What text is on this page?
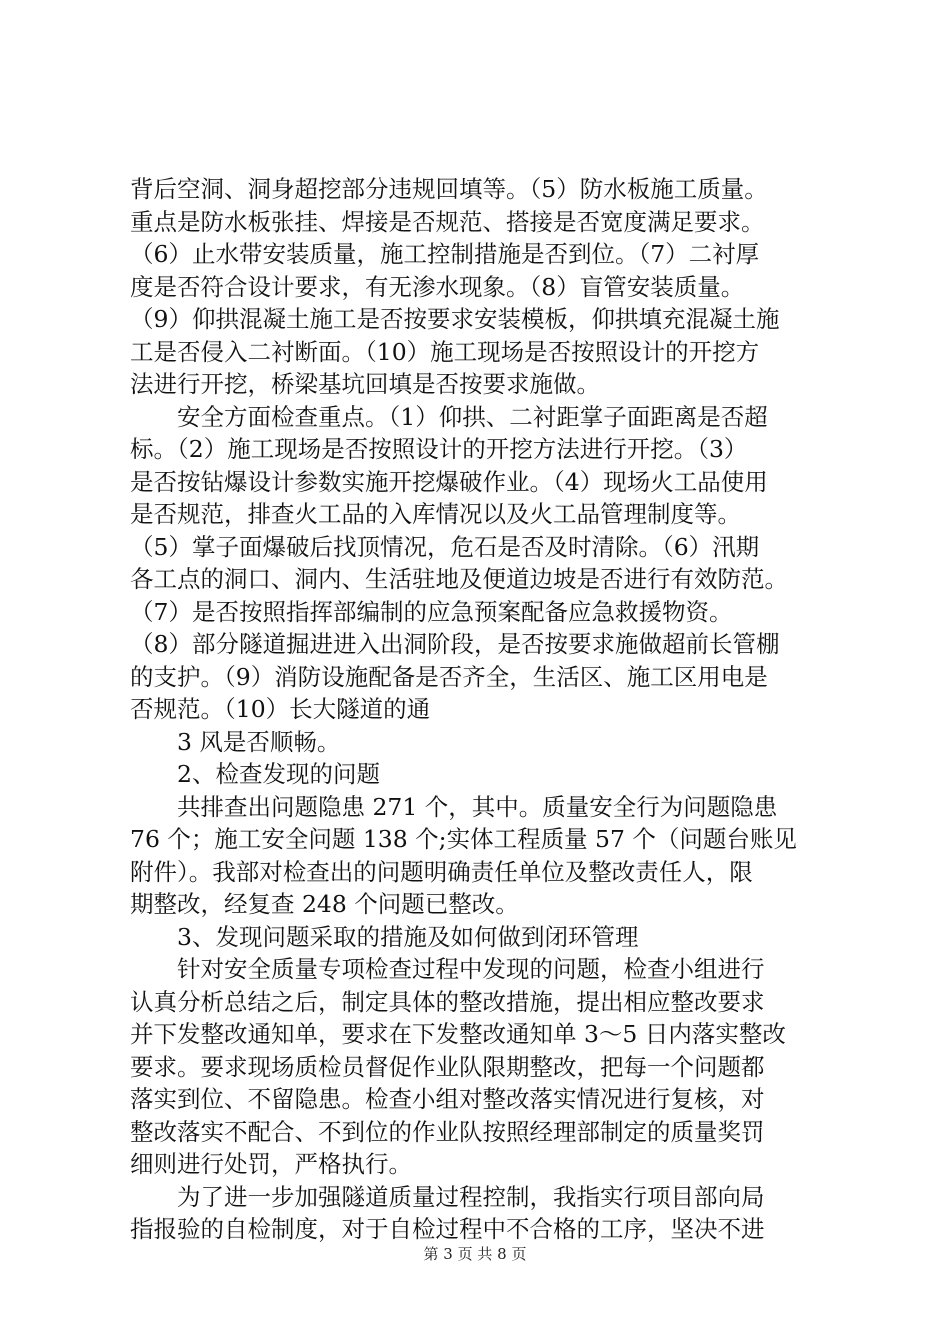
背后空洞、洞身超挖部分违规回填等。（5）防水板施工质量。
重点是防水板张挂、焊接是否规范、搭接是否宽度满足要求。
（6）止水带安装质量，施工控制措施是否到位。（7）二衬厚
度是否符合设计要求，有无渗水现象。（8）盲管安装质量。
（9）仰拱混凝土施工是否按要求安装模板，仰拱填充混凝土施
工是否侵入二衬断面。（10）施工现场是否按照设计的开挖方
法进行开挖，桥梁基坑回填是否按要求施做。
安全方面检查重点。（1）仰拱、二衬距掌子面距离是否超
标。（2）施工现场是否按照设计的开挖方法进行开挖。（3）
是否按钻爆设计参数实施开挖爆破作业。（4）现场火工品使用
是否规范，排查火工品的入库情况以及火工品管理制度等。
（5）掌子面爆破后找顶情况，危石是否及时清除。（6）汛期
各工点的洞口、洞内、生活驻地及便道边坡是否进行有效防范。
（7）是否按照指挥部编制的应急预案配备应急救援物资。
（8）部分隧道掘进进入出洞阶段，是否按要求施做超前长管棚
的支护。（9）消防设施配备是否齐全，生活区、施工区用电是
否规范。（10）长大隧道的通
3 风是否顺畅。
2、检查发现的问题
共排查出问题隐患 271 个，其中。质量安全行为问题隐患
76 个；施工安全问题 138 个;实体工程质量 57 个（问题台账见
附件）。我部对检查出的问题明确责任单位及整改责任人，限
期整改，经复查 248 个问题已整改。
3、发现问题采取的措施及如何做到闭环管理
针对安全质量专项检查过程中发现的问题，检查小组进行
认真分析总结之后，制定具体的整改措施，提出相应整改要求
并下发整改通知单，要求在下发整改通知单 3～5 日内落实整改
要求。要求现场质检员督促作业队限期整改，把每一个问题都
落实到位、不留隐患。检查小组对整改落实情况进行复核，对
整改落实不配合、不到位的作业队按照经理部制定的质量奖罚
细则进行处罚，严格执行。
为了进一步加强隧道质量过程控制，我指实行项目部向局
指报验的自检制度，对于自检过程中不合格的工序，坚决不进
第 3 页 共 8 页
